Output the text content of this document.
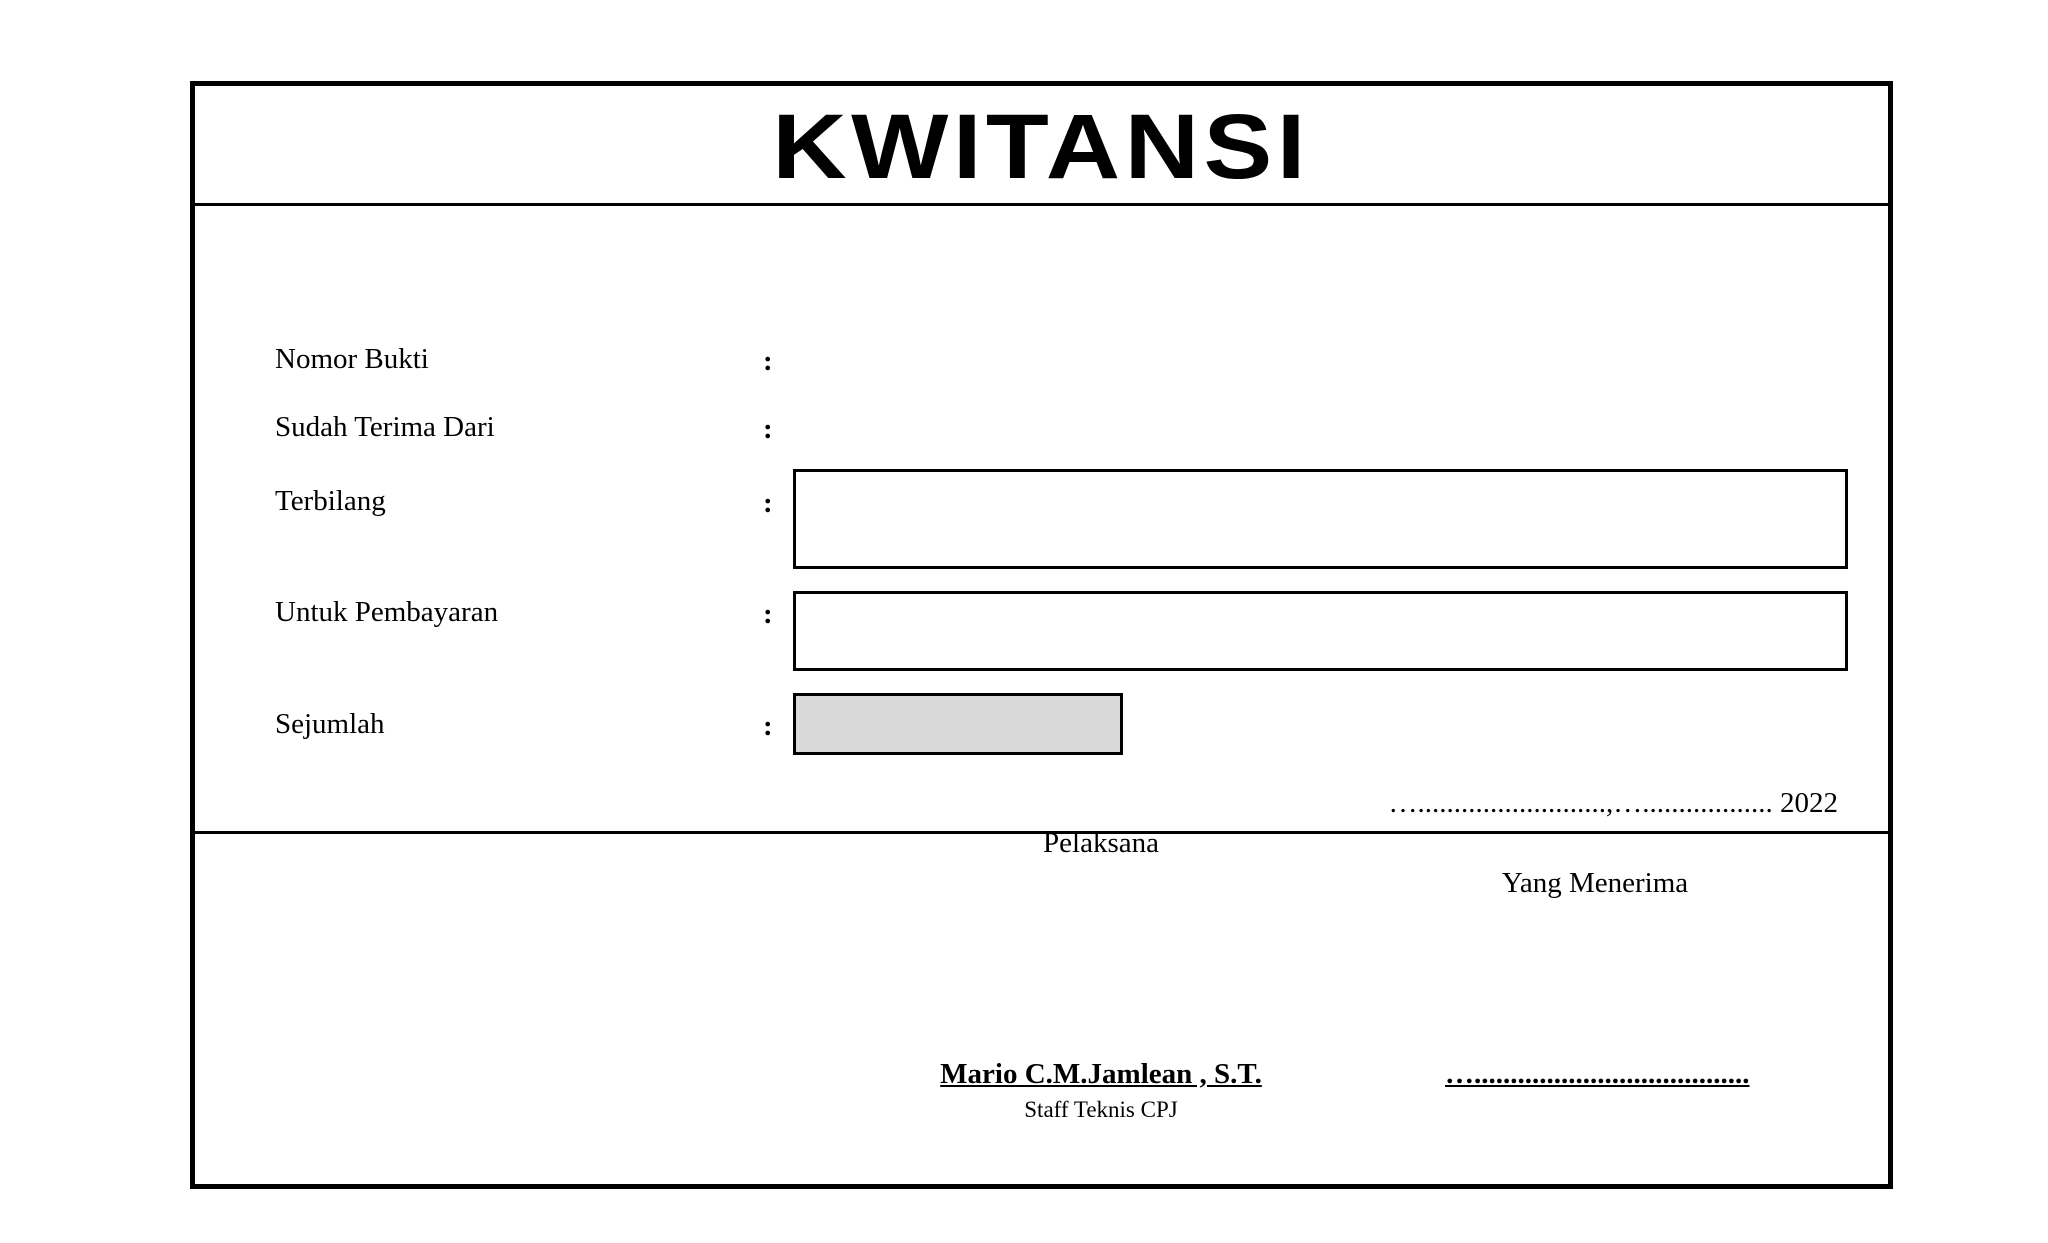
KWITANSI
Nomor Bukti	:
Sudah Terima Dari	:
Terbilang	:
Untuk Pembayaran	:
Sejumlah	:
…..........................,….................. 2022
Pelaksana
Yang Menerima
Mario C.M.Jamlean , S.T.
Staff Teknis CPJ
…......................................
